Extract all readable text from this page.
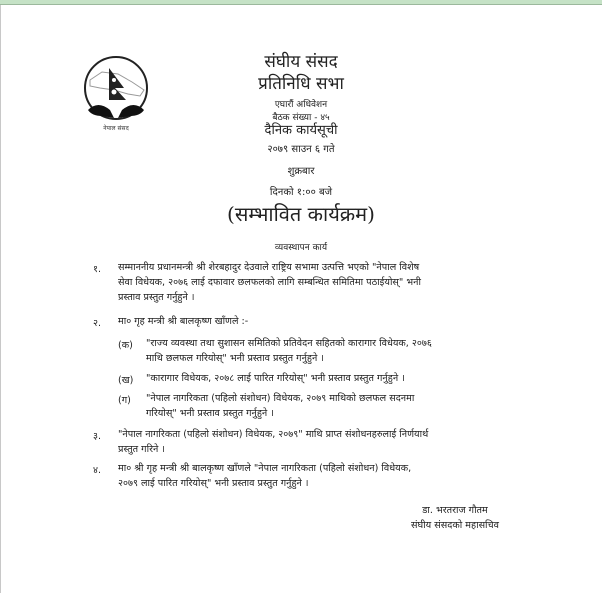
नेपाल संसद
संघीय संसद
प्रतिनिधि सभा
एघारौं अधिवेशन
बैठक संख्या - ४५
दैनिक कार्यसूची
२०७९ साउन ६ गते
शुक्रबार
दिनको १:०० बजे
(सम्भावित कार्यक्रम)
व्यवस्थापन कार्य
१. सम्माननीय प्रधानमन्त्री श्री शेरबहादुर देउवाले राष्ट्रिय सभामा उत्पत्ति भएको "नेपाल विशेष
सेवा विधेयक, २०७६ लाई दफावार छलफलको लागि सम्बन्धित समितिमा पठाईयोस्" भनी
प्रस्ताव प्रस्तुत गर्नुहुने ।
२. मा० गृह मन्त्री श्री बालकृष्ण खाँणले :-
(क) "राज्य व्यवस्था तथा सुशासन समितिको प्रतिवेदन सहितको कारागार विधेयक, २०७६
माथि छलफल गरियोस्" भनी प्रस्ताव प्रस्तुत गर्नुहुने ।
(ख) "कारागार विधेयक, २०७८ लाई पारित गरियोस्" भनी प्रस्ताव प्रस्तुत गर्नुहुने ।
(ग) "नेपाल नागरिकता (पहिलो संशोधन) विधेयक, २०७९ माथिको छलफल सदनमा
गरियोस्" भनी प्रस्ताव प्रस्तुत गर्नुहुने ।
३. "नेपाल नागरिकता (पहिलो संशोधन) विधेयक, २०७९" माथि प्राप्त संशोधनहरुलाई निर्णयार्थ
प्रस्तुत गरिने ।
४. मा० श्री गृह मन्त्री श्री बालकृष्ण खाँणले "नेपाल नागरिकता (पहिलो संशोधन) विधेयक,
२०७९ लाई पारित गरियोस्" भनी प्रस्ताव प्रस्तुत गर्नुहुने ।
डा. भरतराज गौतम
संघीय संसदको महासचिव
